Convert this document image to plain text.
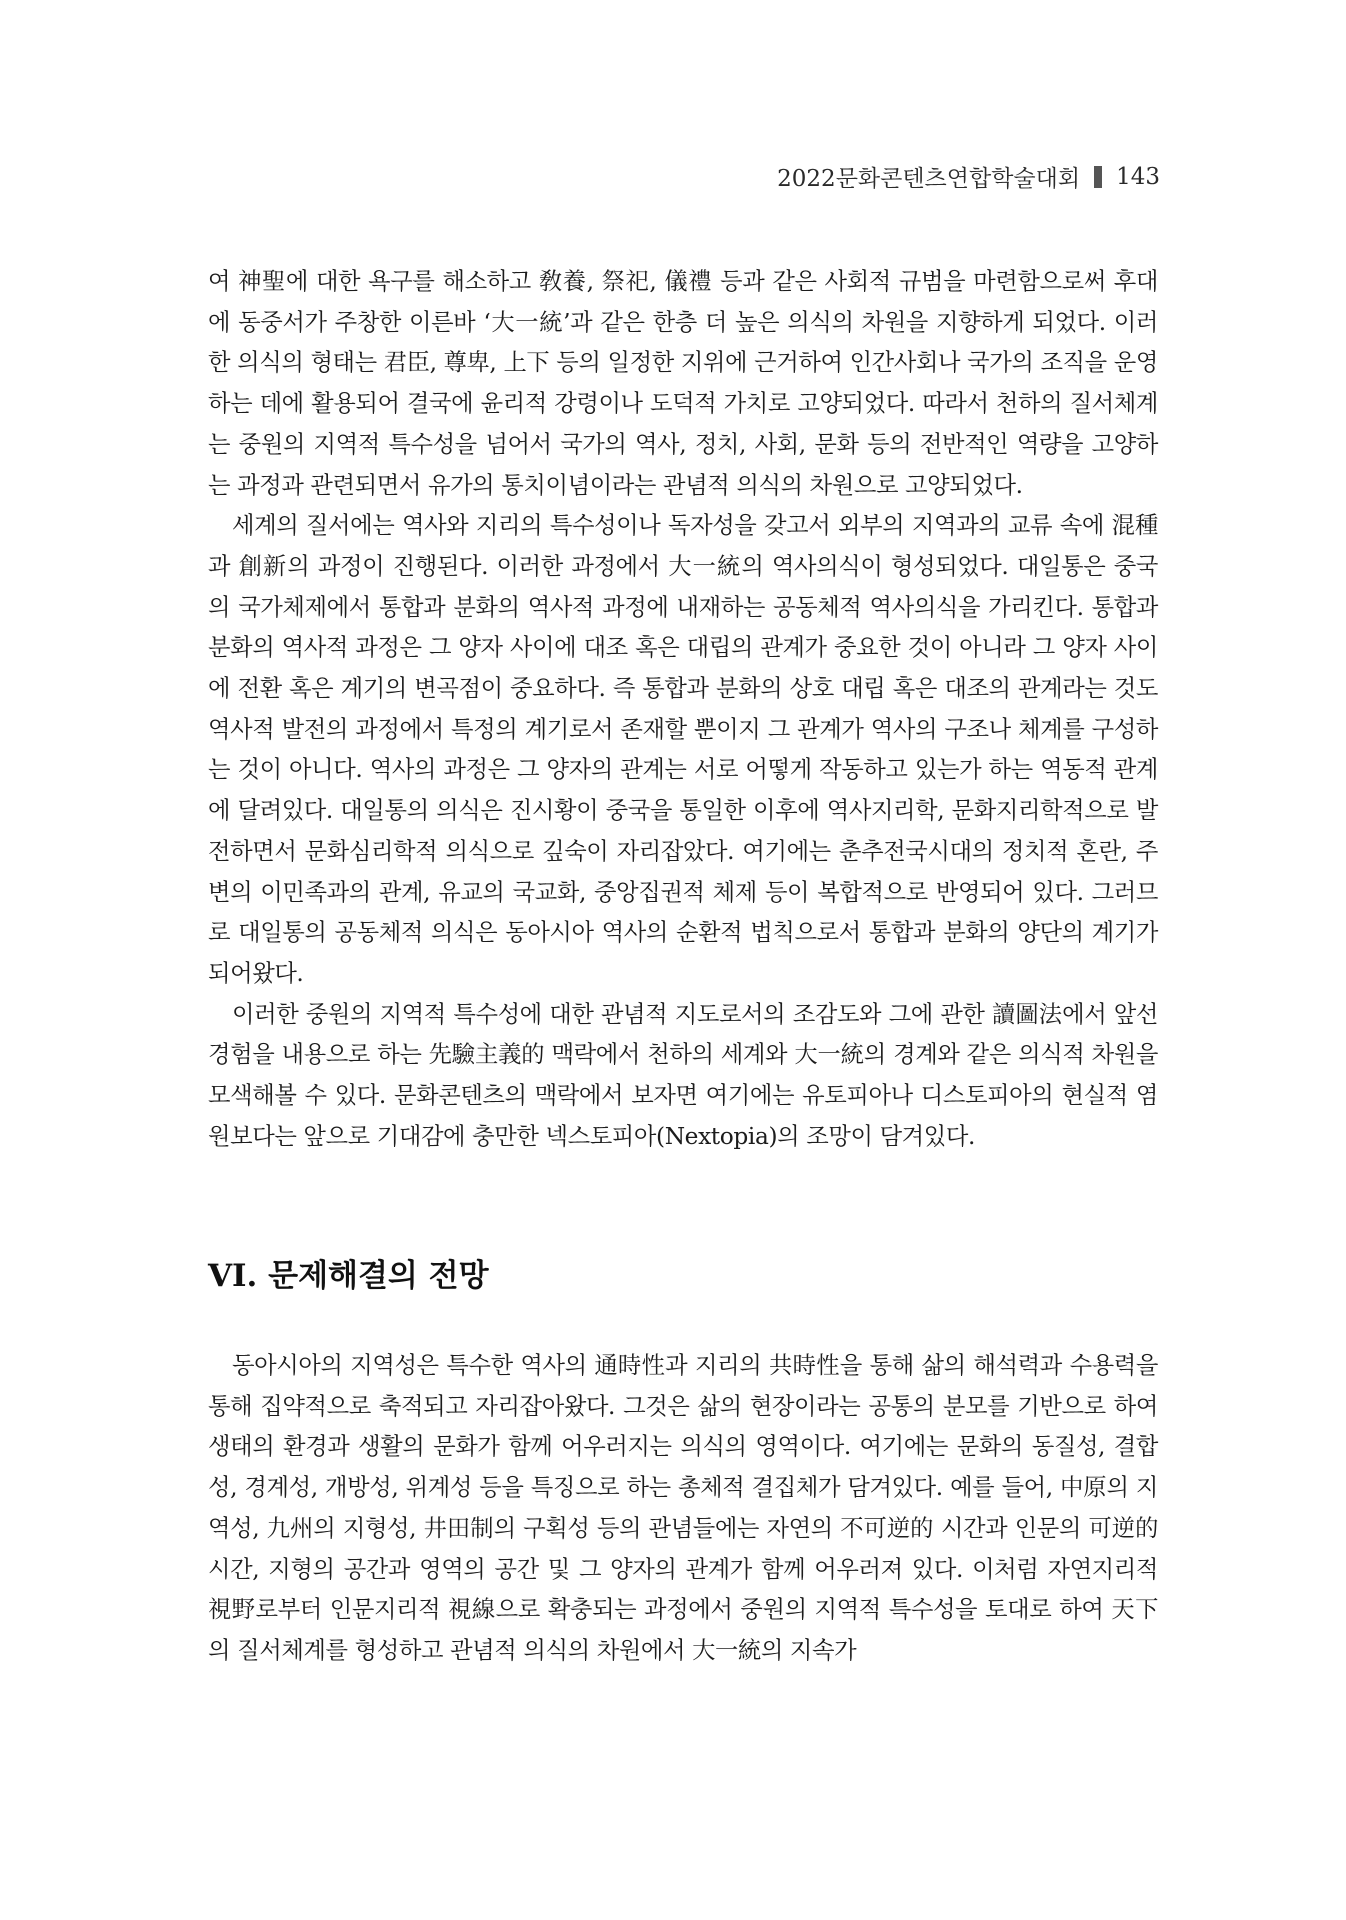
2022문화콘텐츠연합학술대회 143

여 神聖에 대한 욕구를 해소하고 敎養, 祭祀, 儀禮 등과 같은 사회적 규범을 마련함으로써 후대에 동중서가 주창한 이른바 ‘大一統’과 같은 한층 더 높은 의식의 차원을 지향하게 되었다. 이러한 의식의 형태는 君臣, 尊卑, 上下 등의 일정한 지위에 근거하여 인간사회나 국가의 조직을 운영하는 데에 활용되어 결국에 윤리적 강령이나 도덕적 가치로 고양되었다. 따라서 천하의 질서체계는 중원의 지역적 특수성을 넘어서 국가의 역사, 정치, 사회, 문화 등의 전반적인 역량을 고양하는 과정과 관련되면서 유가의 통치이념이라는 관념적 의식의 차원으로 고양되었다.

세계의 질서에는 역사와 지리의 특수성이나 독자성을 갖고서 외부의 지역과의 교류 속에 混種과 創新의 과정이 진행된다. 이러한 과정에서 大一統의 역사의식이 형성되었다. 대일통은 중국의 국가체제에서 통합과 분화의 역사적 과정에 내재하는 공동체적 역사의식을 가리킨다. 통합과 분화의 역사적 과정은 그 양자 사이에 대조 혹은 대립의 관계가 중요한 것이 아니라 그 양자 사이에 전환 혹은 계기의 변곡점이 중요하다. 즉 통합과 분화의 상호 대립 혹은 대조의 관계라는 것도 역사적 발전의 과정에서 특정의 계기로서 존재할 뿐이지 그 관계가 역사의 구조나 체계를 구성하는 것이 아니다. 역사의 과정은 그 양자의 관계는 서로 어떻게 작동하고 있는가 하는 역동적 관계에 달려있다. 대일통의 의식은 진시황이 중국을 통일한 이후에 역사지리학, 문화지리학적으로 발전하면서 문화심리학적 의식으로 깊숙이 자리잡았다. 여기에는 춘추전국시대의 정치적 혼란, 주변의 이민족과의 관계, 유교의 국교화, 중앙집권적 체제 등이 복합적으로 반영되어 있다. 그러므로 대일통의 공동체적 의식은 동아시아 역사의 순환적 법칙으로서 통합과 분화의 양단의 계기가 되어왔다.

이러한 중원의 지역적 특수성에 대한 관념적 지도로서의 조감도와 그에 관한 讀圖法에서 앞선 경험을 내용으로 하는 先驗主義的 맥락에서 천하의 세계와 大一統의 경계와 같은 의식적 차원을 모색해볼 수 있다. 문화콘텐츠의 맥락에서 보자면 여기에는 유토피아나 디스토피아의 현실적 염원보다는 앞으로 기대감에 충만한 넥스토피아(Nextopia)의 조망이 담겨있다.

VI. 문제해결의 전망

동아시아의 지역성은 특수한 역사의 通時性과 지리의 共時性을 통해 삶의 해석력과 수용력을 통해 집약적으로 축적되고 자리잡아왔다. 그것은 삶의 현장이라는 공통의 분모를 기반으로 하여 생태의 환경과 생활의 문화가 함께 어우러지는 의식의 영역이다. 여기에는 문화의 동질성, 결합성, 경계성, 개방성, 위계성 등을 특징으로 하는 총체적 결집체가 담겨있다. 예를 들어, 中原의 지역성, 九州의 지형성, 井田制의 구획성 등의 관념들에는 자연의 不可逆的 시간과 인문의 可逆的시간, 지형의 공간과 영역의 공간 및 그 양자의 관계가 함께 어우러져 있다. 이처럼 자연지리적 視野로부터 인문지리적 視線으로 확충되는 과정에서 중원의 지역적 특수성을 토대로 하여 天下의 질서체계를 형성하고 관념적 의식의 차원에서 大一統의 지속가
